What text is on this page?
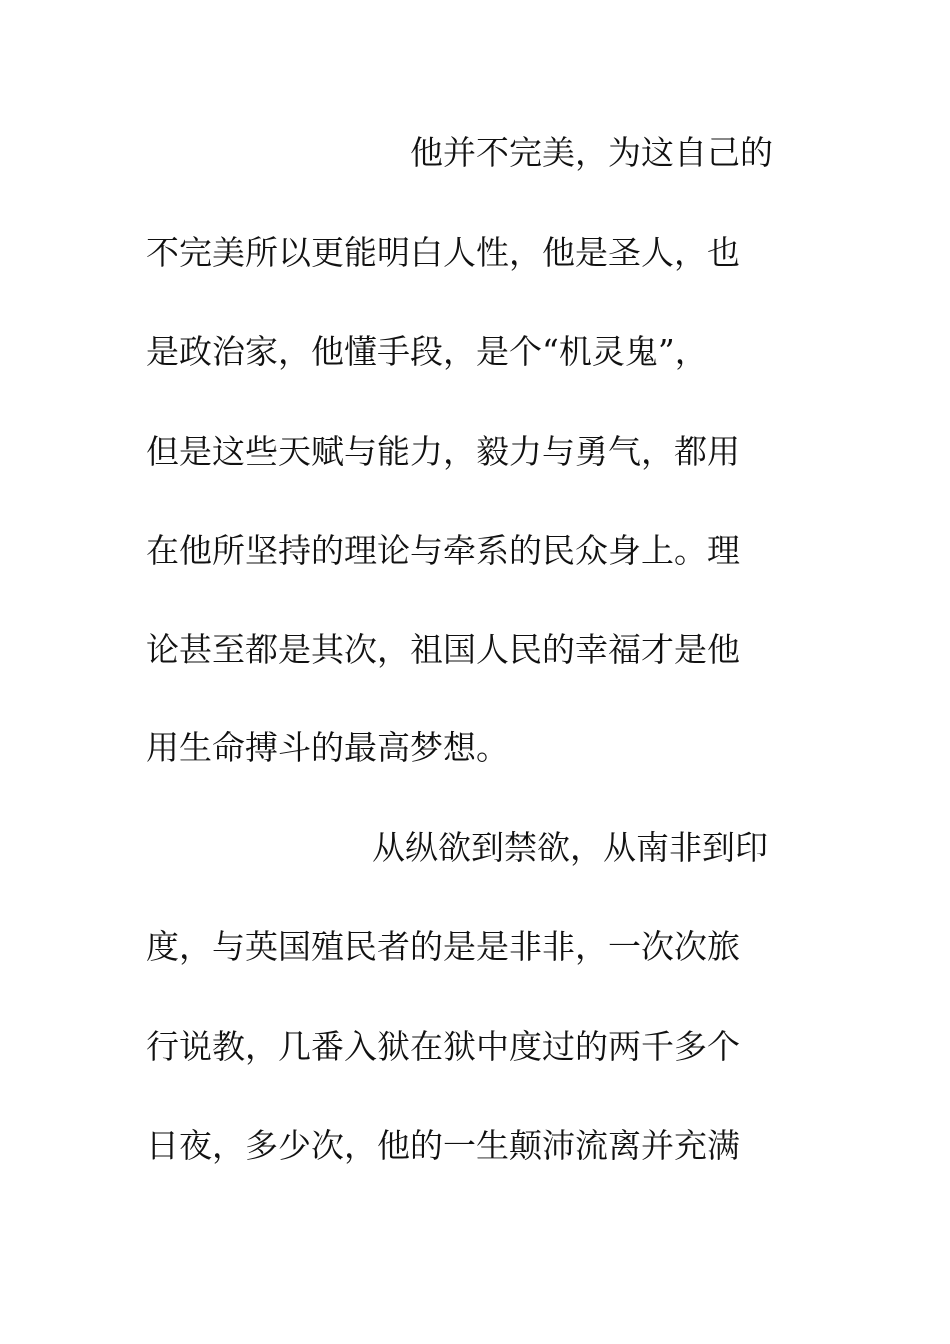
他并不完美，为这自己的
不完美所以更能明白人性，他是圣人，也
是政治家，他懂手段，是个“机灵鬼”，
但是这些天赋与能力，毅力与勇气，都用
在他所坚持的理论与牵系的民众身上。理
论甚至都是其次，祖国人民的幸福才是他
用生命搏斗的最高梦想。
从纵欲到禁欲，从南非到印
度，与英国殖民者的是是非非，一次次旅
行说教，几番入狱在狱中度过的两千多个
日夜，多少次，他的一生颠沛流离并充满
